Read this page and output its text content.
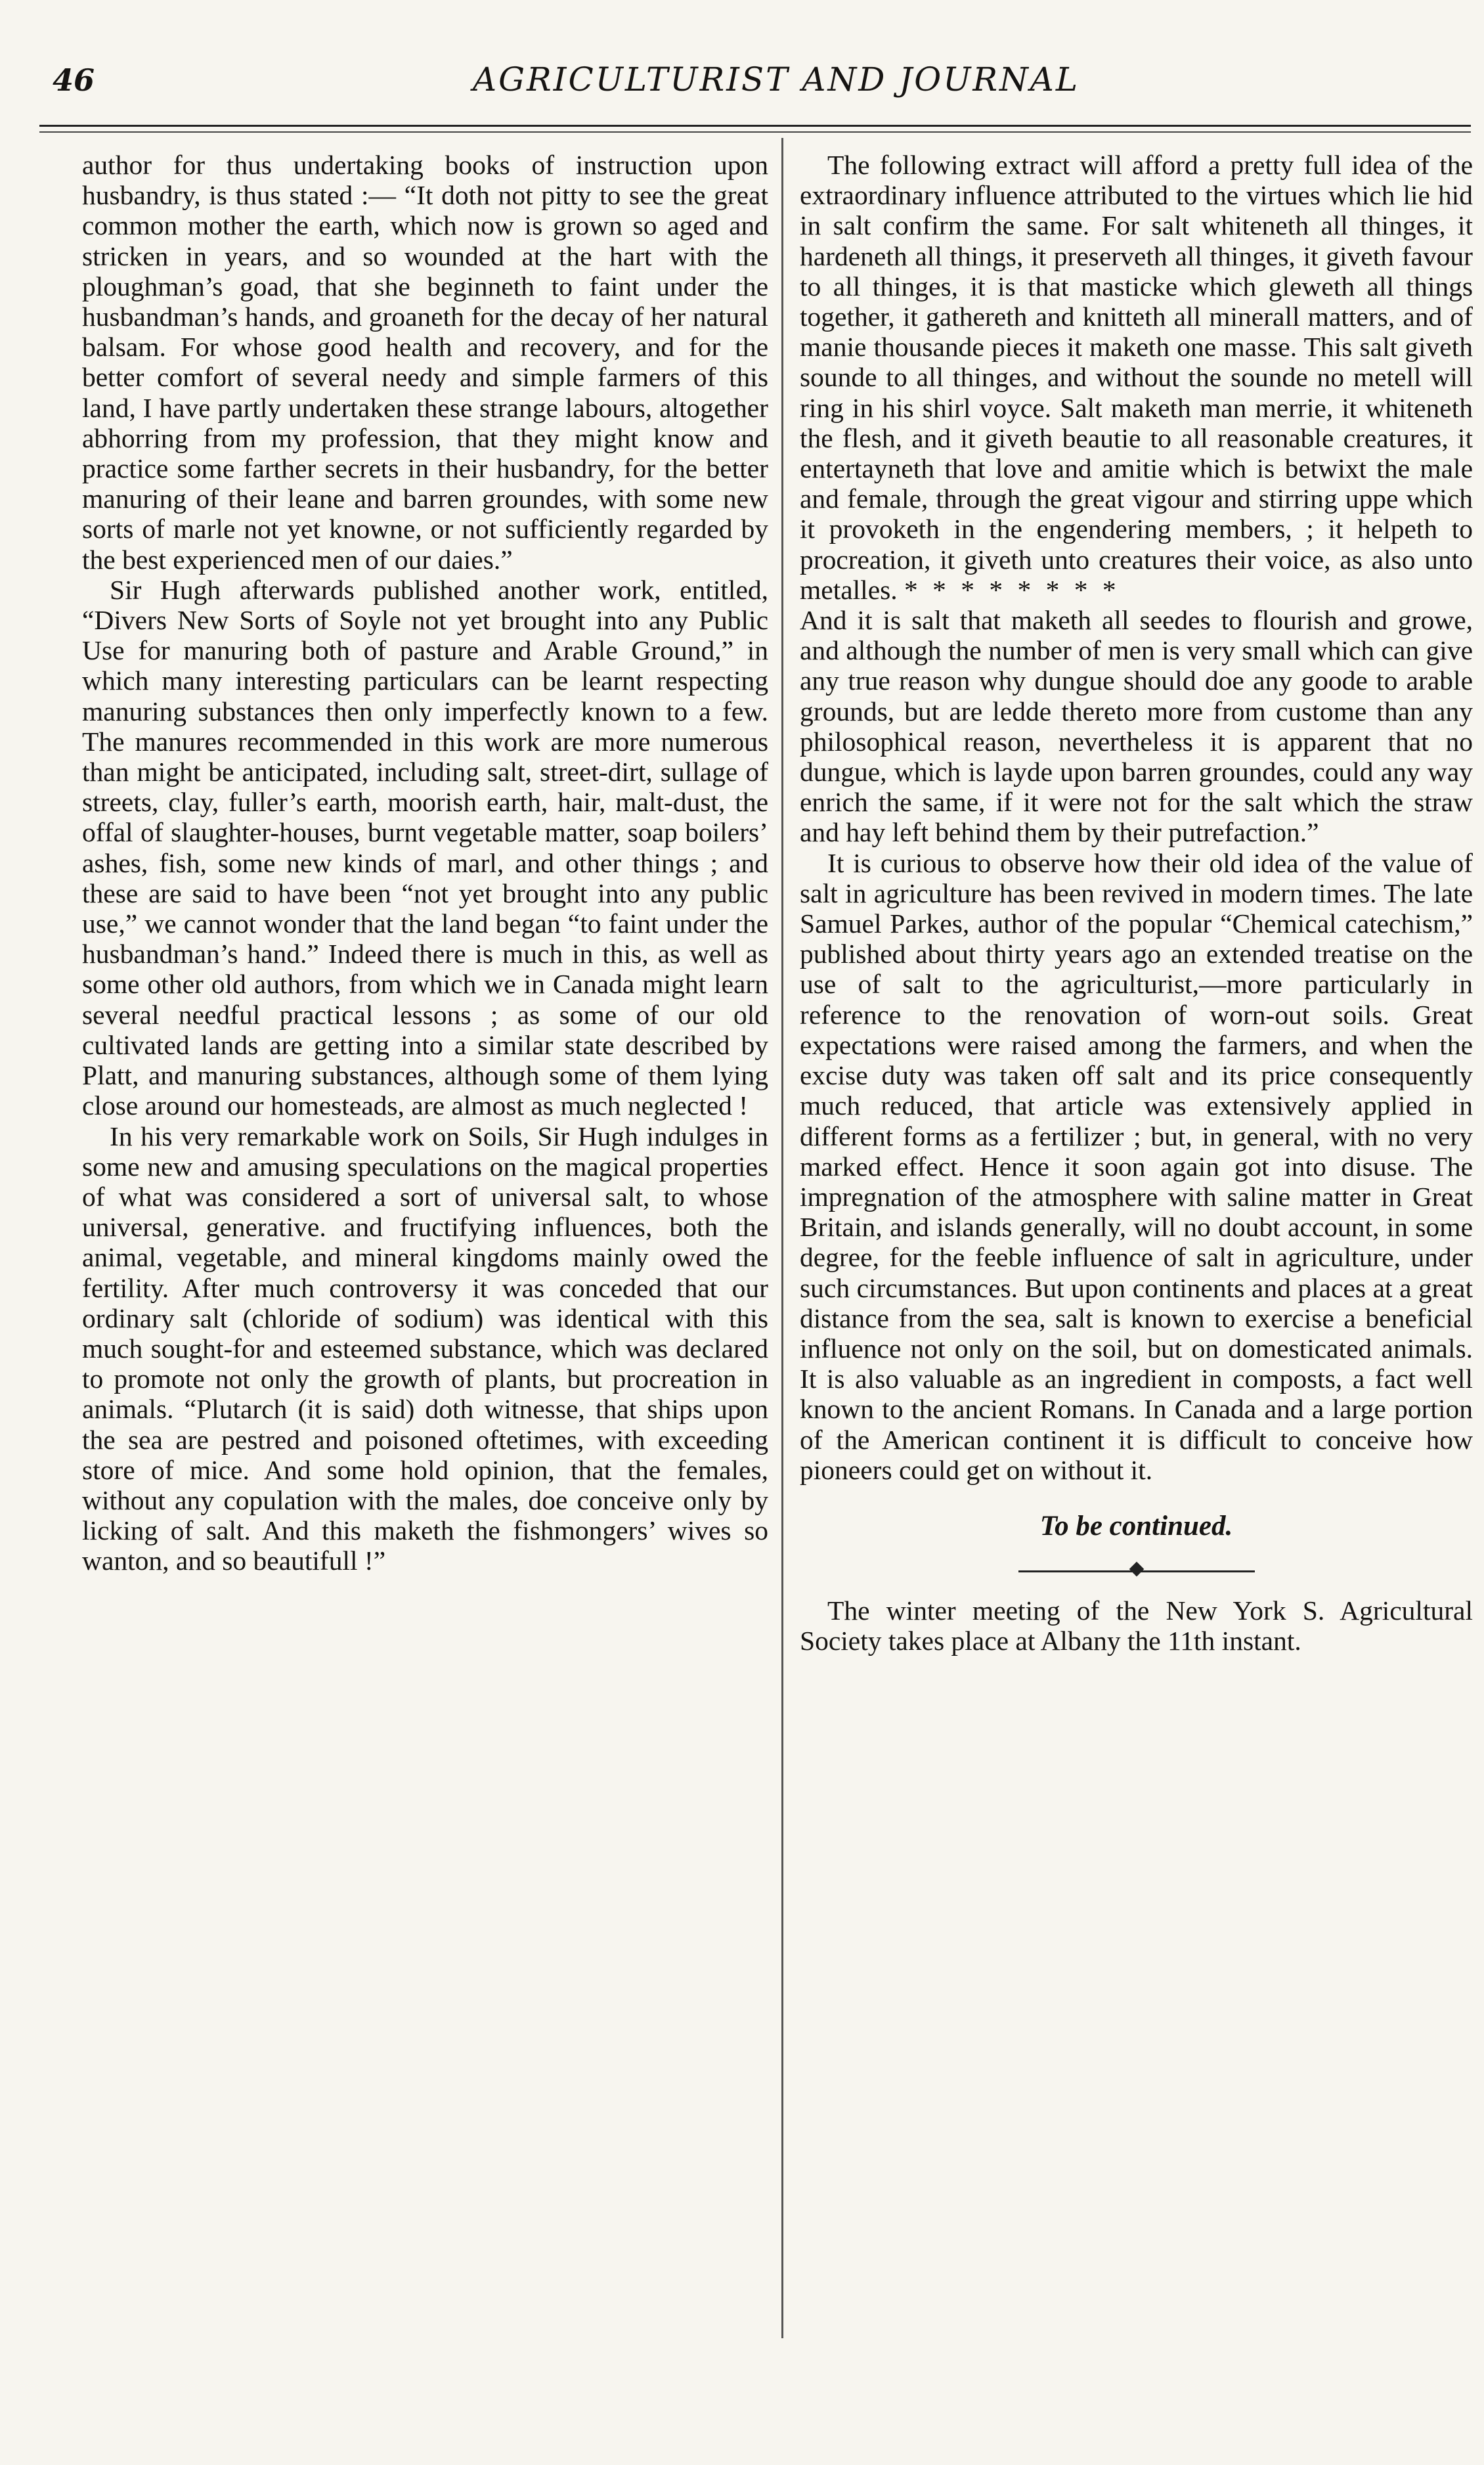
46	AGRICULTURIST AND JOURNAL

author for thus undertaking books of instruction upon husbandry, is thus stated :— “It doth not pitty to see the great common mother the earth, which now is grown so aged and stricken in years, and so wounded at the hart with the ploughman’s goad, that she beginneth to faint under the husbandman’s hands, and groaneth for the decay of her natural balsam. For whose good health and recovery, and for the better comfort of several needy and simple farmers of this land, I have partly undertaken these strange labours, altogether abhorring from my profession, that they might know and practice some farther secrets in their husbandry, for the better manuring of their leane and barren groundes, with some new sorts of marle not yet knowne, or not sufficiently regarded by the best experienced men of our daies.”

Sir Hugh afterwards published another work, entitled, “Divers New Sorts of Soyle not yet brought into any Public Use for manuring both of pasture and Arable Ground,” in which many interesting particulars can be learnt respecting manuring substances then only imperfectly known to a few. The manures recommended in this work are more numerous than might be anticipated, including salt, street-dirt, sullage of streets, clay, fuller’s earth, moorish earth, hair, malt-dust, the offal of slaughter-houses, burnt vegetable matter, soap boilers’ ashes, fish, some new kinds of marl, and other things ; and these are said to have been “not yet brought into any public use,” we cannot wonder that the land began “to faint under the husbandman’s hand.” Indeed there is much in this, as well as some other old authors, from which we in Canada might learn several needful practical lessons ; as some of our old cultivated lands are getting into a similar state described by Platt, and manuring substances, although some of them lying close around our homesteads, are almost as much neglected !

In his very remarkable work on Soils, Sir Hugh indulges in some new and amusing speculations on the magical properties of what was considered a sort of universal salt, to whose universal, generative. and fructifying influences, both the animal, vegetable, and mineral kingdoms mainly owed the fertility. After much controversy it was conceded that our ordinary salt (chloride of sodium) was identical with this much sought-for and esteemed substance, which was declared to promote not only the growth of plants, but procreation in animals. “Plutarch (it is said) doth witnesse, that ships upon the sea are pestred and poisoned oftetimes, with exceeding store of mice. And some hold opinion, that the females, without any copulation with the males, doe conceive only by licking of salt. And this maketh the fishmongers’ wives so wanton, and so beautifull !”

The following extract will afford a pretty full idea of the extraordinary influence attributed to the virtues which lie hid in salt confirm the same. For salt whiteneth all thinges, it hardeneth all things, it preserveth all thinges, it giveth favour to all thinges, it is that masticke which gleweth all things together, it gathereth and knitteth all minerall matters, and of manie thousande pieces it maketh one masse. This salt giveth sounde to all thinges, and without the sounde no metell will ring in his shirl voyce. Salt maketh man merrie, it whiteneth the flesh, and it giveth beautie to all reasonable creatures, it entertayneth that love and amitie which is betwixt the male and female, through the great vigour and stirring uppe which it provoketh in the engendering members, ; it helpeth to procreation, it giveth unto creatures their voice, as also unto metalles. * * * * * * * *

And it is salt that maketh all seedes to flourish and growe, and although the number of men is very small which can give any true reason why dungue should doe any goode to arable grounds, but are ledde thereto more from custome than any philosophical reason, nevertheless it is apparent that no dungue, which is layde upon barren groundes, could any way enrich the same, if it were not for the salt which the straw and hay left behind them by their putrefaction.”

It is curious to observe how their old idea of the value of salt in agriculture has been revived in modern times. The late Samuel Parkes, author of the popular “Chemical catechism,” published about thirty years ago an extended treatise on the use of salt to the agriculturist,—more particularly in reference to the renovation of worn-out soils. Great expectations were raised among the farmers, and when the excise duty was taken off salt and its price consequently much reduced, that article was extensively applied in different forms as a fertilizer ; but, in general, with no very marked effect. Hence it soon again got into disuse. The impregnation of the atmosphere with saline matter in Great Britain, and islands generally, will no doubt account, in some degree, for the feeble influence of salt in agriculture, under such circumstances. But upon continents and places at a great distance from the sea, salt is known to exercise a beneficial influence not only on the soil, but on domesticated animals. It is also valuable as an ingredient in composts, a fact well known to the ancient Romans. In Canada and a large portion of the American continent it is difficult to conceive how pioneers could get on without it.

To be continued.

The winter meeting of the New York S. Agricultural Society takes place at Albany the 11th instant.
